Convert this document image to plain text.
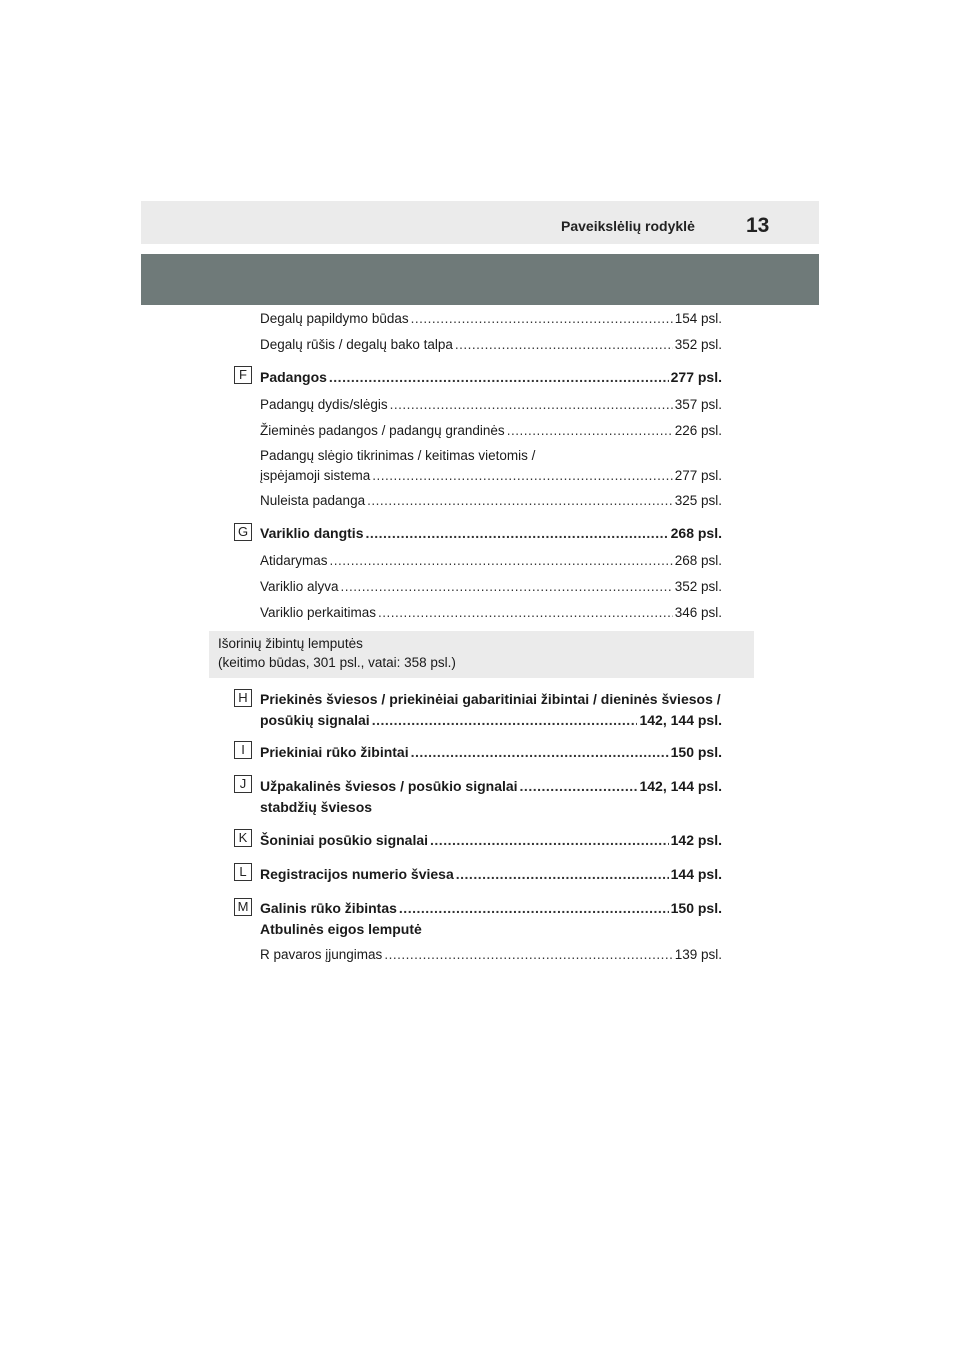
Paveikslėlių rodyklė 13
Degalų papildymo būdas .....	154 psl.
Degalų rūšis / degalų bako talpa .....	352 psl.
F Padangos .....	277 psl.
Padangų dydis/slėgis .....	357 psl.
Žieminės padangos / padangų grandinės .....	226 psl.
Padangų slėgio tikrinimas / keitimas vietomis /
įspėjamoji sistema .....	277 psl.
Nuleista padanga .....	325 psl.
G Variklio dangtis .....	268 psl.
Atidarymas .....	268 psl.
Variklio alyva .....	352 psl.
Variklio perkaitimas .....	346 psl.
Išorinių žibintų lemputės
(keitimo būdas, 301 psl., vatai: 358 psl.)
H Priekinės šviesos / priekinėiai gabaritiniai žibintai / dieninės šviesos /
posūkių signalai .....	142, 144 psl.
I	Priekiniai rūko žibintai .....	150 psl.
J Užpakalinės šviesos / posūkio signalai .....	142, 144 psl.
stabdžių šviesos
K Šoniniai posūkio signalai .....	142 psl.
L Registracijos numerio šviesa .....	144 psl.
M Galinis rūko žibintas .....	150 psl.
Atbulinės eigos lemputė
R pavaros įjungimas .....	139 psl.
